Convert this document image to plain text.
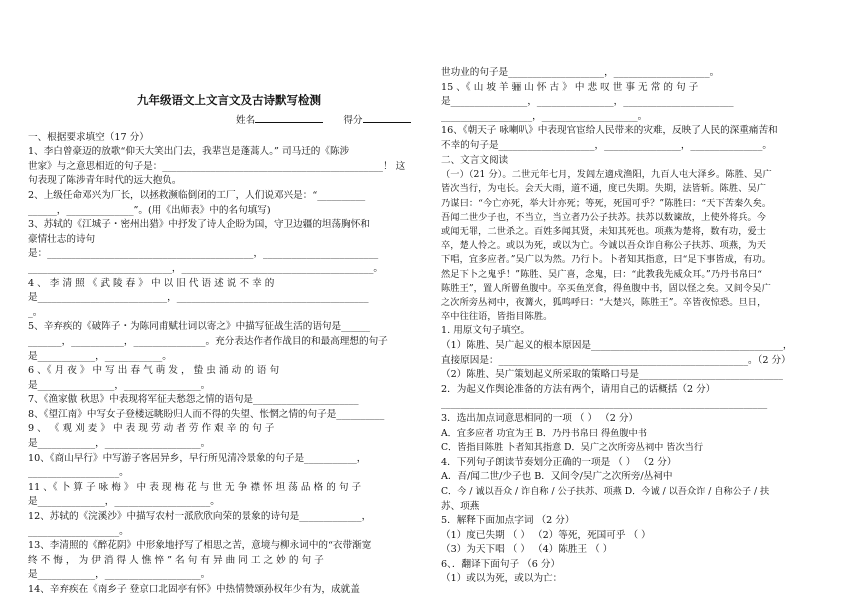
九年级语文上文言文及古诗默写检测
姓名	得分
一、根据要求填空（17 分）
1、李白曾豪迈的放歌“仰天大笑出门去，我辈岂是蓬蒿人。” 司马迁的《陈涉
世家》与之意思相近的句子是：______________________________________________！ 这
句表现了陈涉青年时代的远大抱负。
2、上级任命邓兴为厂长，以拯救濒临倒闭的工厂，人们说邓兴是：“__________
______，______________”。(用《出师表》中的名句填写)
3、苏轼的《江城子・密州出猎》中抒发了诗人企盼为国，守卫边疆的坦荡胸怀和
豪情壮志的诗句
是：___________________________________________，________________________
______________________________，________________________________________。
4 、 李 清 照 《 武 陵 春 》 中 以 旧 代 语 述 说 不 幸 的
是___________________________，________________________________________
_。
5、辛弃疾的《破阵子・为陈同甫赋壮词以寄之》中描写征战生活的语句是______
_______，___________，_______________。充分表达作者作战目的和最高理想的句子
是____________，____________。
6 、《 月 夜 》 中 写 出 春 气 萌 发 ， 蛰 虫 涌 动 的 语 句
是________________，________________。
7、《渔家傲 秋思》中表现将军征夫愁怨之情的语句是______________________
8、《望江南》中写女子登楼远眺盼归人而不得的失望、怅惘之情的句子是__________
9 、 《 观 刈 麦 》 中 表 现 劳 动 者 劳 作 艰 辛 的 句 子
是____________，____________________。
10、《商山早行》中写游子客居异乡，早行所见清冷景象的句子是___________，
___________________。
11 、《 卜 算 子 咏 梅 》 中 表 现 梅 花 与 世 无 争 襟 怀 坦 荡 品 格 的 句 子
是______________，____________________。
12、苏轼的《浣溪沙》中描写农村一派欣欣向荣的景象的诗句是_____________，
___________________。
13、李清照的《醉花阴》中形象地抒写了相思之苦，意境与柳永词中的“衣带渐宽
终 不 悔 ， 为 伊 消 得 人 憔 悴 ” 名 句 有 异 曲 同 工 之 妙 的 句 子
是____________，____________________。
14、辛弃疾在《南乡子 登京口北固亭有怀》中热情赞颂孙权年少有为，成就盖
世功业的句子是____________________，____________________。
15 、《 山 坡 羊 骊 山 怀 古 》 中 悲 叹 世 事 无 常 的 句 子
是________________，________________，_______________________
___________________，____________________。
16、《朝天子 咏喇叭》中表现官宦给人民带来的灾难，反映了人民的深重痛苦和
不幸的句子是____________________，________________，_______________。
二、文言文阅读
（一）（21 分）。二世元年七月，发闾左適戍渔阳，九百人屯大泽乡。陈胜、吴广
皆次当行，为屯长。会天大雨，道不通，度已失期。失期，法皆斩。陈胜、吴广
乃谋曰：“今亡亦死，举大计亦死；等死，死国可乎？”陈胜曰：“天下苦秦久矣。
吾闻二世少子也，不当立，当立者乃公子扶苏。扶苏以数谏故，上使外将兵。今
或闻无罪，二世杀之。百姓多闻其贤，未知其死也。项燕为楚将，数有功，爱士
卒，楚人怜之。或以为死，或以为亡。今诚以吾众诈自称公子扶苏、项燕，为天
下唱，宜多应者。”吴广以为然。乃行卜。卜者知其指意，曰“足下事皆成，有功。
然足下卜之鬼乎！”陈胜、吴广喜，念鬼，曰：“此教我先威众耳。”乃丹书帛曰“
陈胜王”，置人所罾鱼腹中。卒买鱼烹食，得鱼腹中书，固以怪之矣。又间令吴广
之次所旁丛祠中，夜篝火，狐鸣呼曰：“大楚兴，陈胜王”。卒皆夜惊恐。旦日，
卒中往往语，皆指目陈胜。
1. 用原文句子填空。
（1）陈胜、吴广起义的根本原因是________________________________________，
直接原因是：____________________________________________________。（2 分）
（2）陈胜、吴广策划起义所采取的策略口号是______________________________
2．为起义作舆论准备的方法有两个，请用自己的话概括（2 分）
____________________________________________________________________
3．选出加点词意思相同的一项 （ ） （2 分）
A．宜多应者 功宜为王 B．乃丹书帛曰 得鱼腹中书
C．皆指目陈胜 卜者知其指意 D．吴广之次所旁丛祠中 皆次当行
4．下列句子朗读节奏划分正确的一项是 （ ） （2 分）
A．吾/闻二世/少子也 B．又间令/吴广之次所旁/丛祠中
C．今 / 诚以吾众 / 诈自称 / 公子扶苏、项燕 D．今诚 / 以吾众诈 / 自称公子 / 扶
苏、项燕
5．解释下面加点字词 （2 分）
（1）度已失期 （ ） （2）等死，死国可乎 （ ）
（3）为天下唱 （ ） （4）陈胜王 （ ）
6、．翻译下面句子 （6 分）
（1）或以为死，或以为亡：
